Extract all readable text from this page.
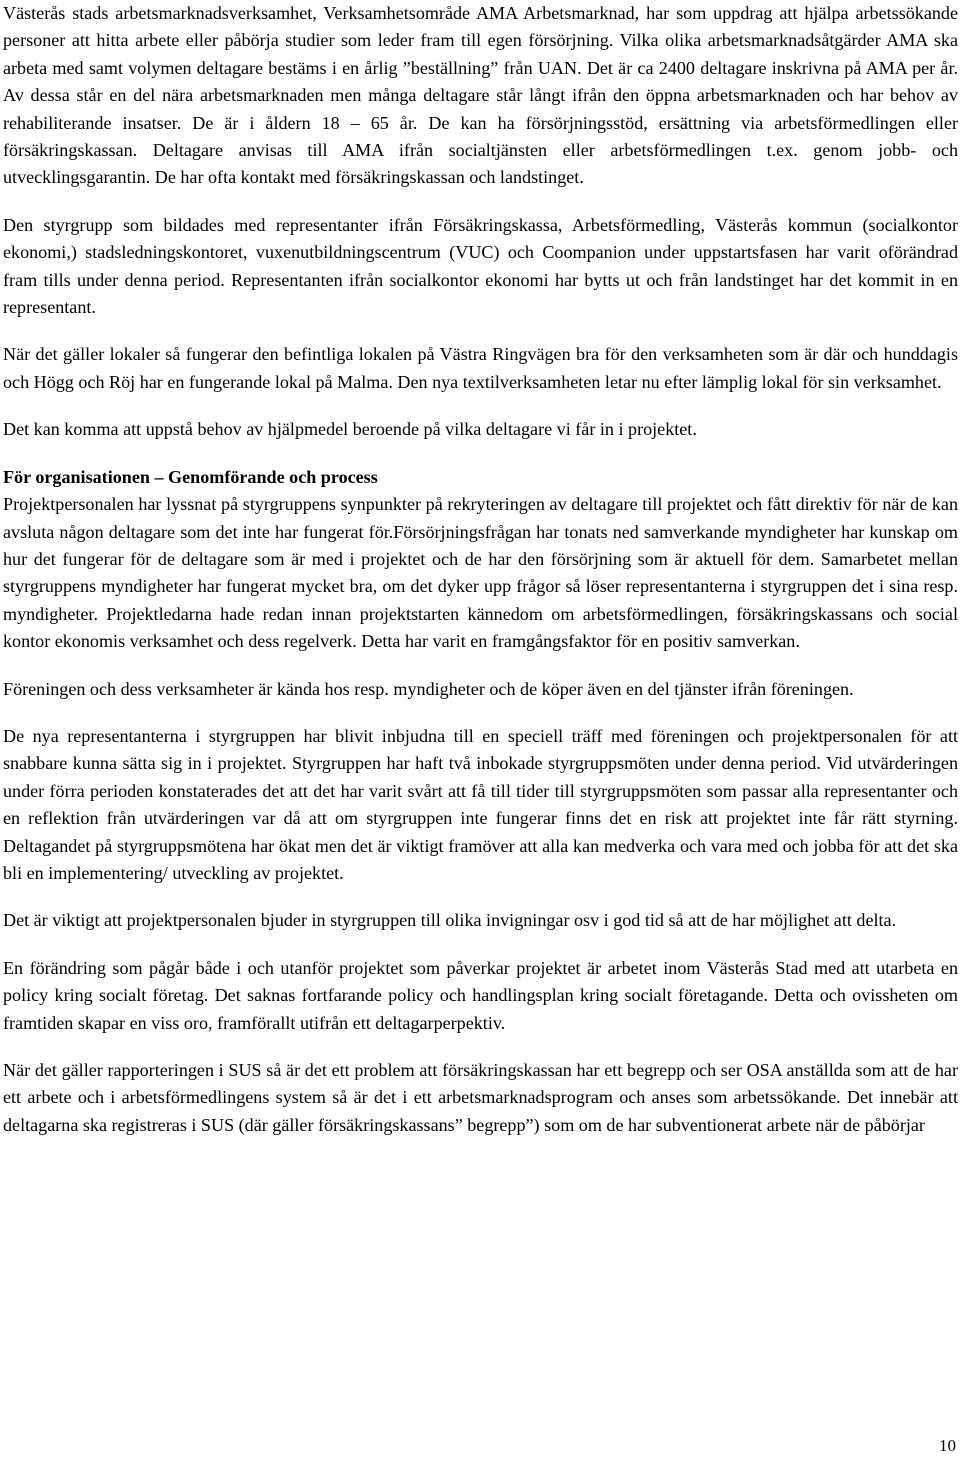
Västerås stads arbetsmarknadsverksamhet, Verksamhetsområde AMA Arbetsmarknad, har som uppdrag att hjälpa arbetssökande personer att hitta arbete eller påbörja studier som leder fram till egen försörjning. Vilka olika arbetsmarknadsåtgärder AMA ska arbeta med samt volymen deltagare bestäms i en årlig ”beställning” från UAN. Det är ca 2400 deltagare inskrivna på AMA per år. Av dessa står en del nära arbetsmarknaden men många deltagare står långt ifrån den öppna arbetsmarknaden och har behov av rehabiliterande insatser. De är i åldern 18 – 65 år. De kan ha försörjningsstöd, ersättning via arbetsförmedlingen eller försäkringskassan. Deltagare anvisas till AMA ifrån socialtjänsten eller arbetsförmedlingen t.ex. genom jobb- och utvecklingsgarantin. De har ofta kontakt med försäkringskassan och landstinget.

Den styrgrupp som bildades med representanter ifrån Försäkringskassa, Arbetsförmedling, Västerås kommun (socialkontor ekonomi,) stadsledningskontoret, vuxenutbildningscentrum (VUC) och Coompanion under uppstartsfasen har varit oförändrad fram tills under denna period. Representanten ifrån socialkontor ekonomi har bytts ut och från landstinget har det kommit in en representant.

När det gäller lokaler så fungerar den befintliga lokalen på Västra Ringvägen bra för den verksamheten som är där och hunddagis och Högg och Röj har en fungerande lokal på Malma. Den nya textilverksamheten letar nu efter lämplig lokal för sin verksamhet.

Det kan komma att uppstå behov av hjälpmedel beroende på vilka deltagare vi får in i projektet.

För organisationen – Genomförande och process

Projektpersonalen har lyssnat på styrgruppens synpunkter på rekryteringen av deltagare till projektet och fått direktiv för när de kan avsluta någon deltagare som det inte har fungerat för.Försörjningsfrågan har tonats ned samverkande myndigheter har kunskap om hur det fungerar för de deltagare som är med i projektet och de har den försörjning som är aktuell för dem. Samarbetet mellan styrgruppens myndigheter har fungerat mycket bra, om det dyker upp frågor så löser representanterna i styrgruppen det i sina resp. myndigheter. Projektledarna hade redan innan projektstarten kännedom om arbetsförmedlingen, försäkringskassans och social kontor ekonomis verksamhet och dess regelverk. Detta har varit en framgångsfaktor för en positiv samverkan.

Föreningen och dess verksamheter är kända hos resp. myndigheter och de köper även en del tjänster ifrån föreningen.

De nya representanterna i styrgruppen har blivit inbjudna till en speciell träff med föreningen och projektpersonalen för att snabbare kunna sätta sig in i projektet. Styrgruppen har haft två inbokade styrgruppsmöten under denna period. Vid utvärderingen under förra perioden konstaterades det att det har varit svårt att få till tider till styrgruppsmöten som passar alla representanter och en reflektion från utvärderingen var då att om styrgruppen inte fungerar finns det en risk att projektet inte får rätt styrning. Deltagandet på styrgruppsmötena har ökat men det är viktigt framöver att alla kan medverka och vara med och jobba för att det ska bli en implementering/ utveckling av projektet.

Det är viktigt att projektpersonalen bjuder in styrgruppen till olika invigningar osv i god tid så att de har möjlighet att delta.

En förändring som pågår både i och utanför projektet som påverkar projektet är arbetet inom Västerås Stad med att utarbeta en policy kring socialt företag. Det saknas fortfarande policy och handlingsplan kring socialt företagande. Detta och ovissheten om framtiden skapar en viss oro, framförallt utifrån ett deltagarperpektiv.

När det gäller rapporteringen i SUS så är det ett problem att försäkringskassan har ett begrepp och ser OSA anställda som att de har ett arbete och i arbetsförmedlingens system så är det i ett arbetsmarknadsprogram och anses som arbetssökande. Det innebär att deltagarna ska registreras i SUS (där gäller försäkringskassans” begrepp”) som om de har subventionerat arbete när de påbörjar

10
